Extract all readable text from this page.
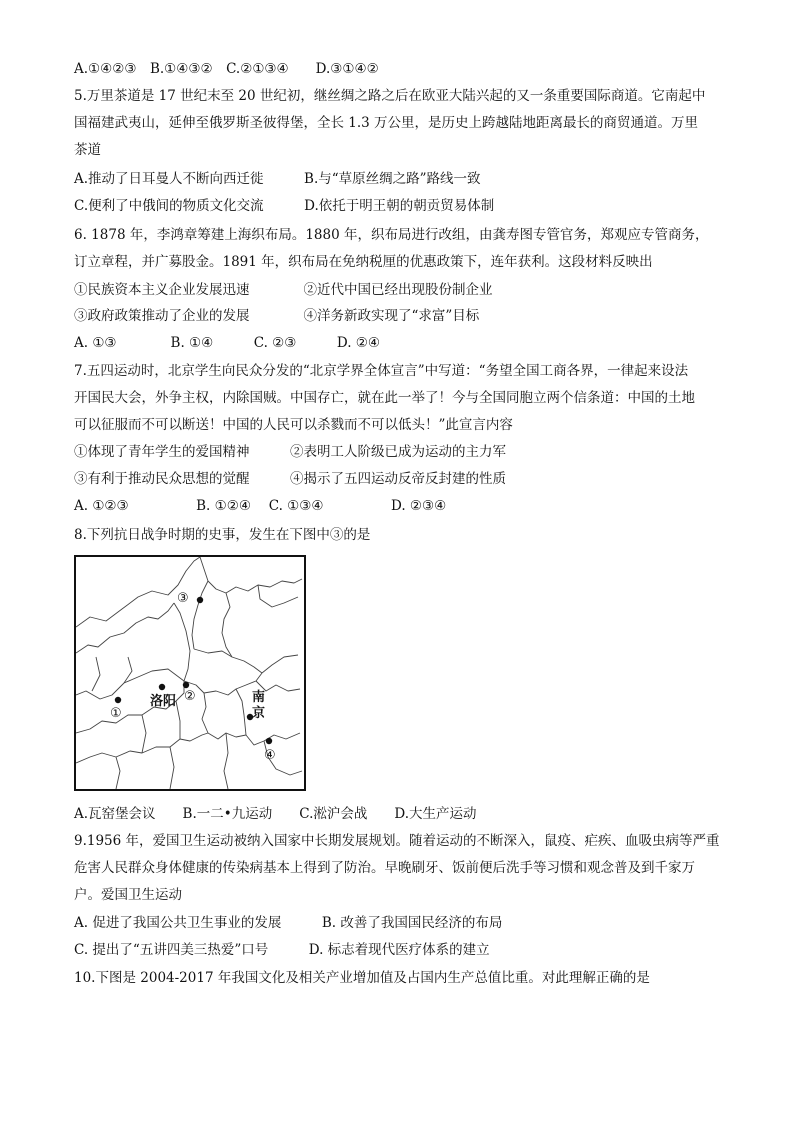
A.①④②③　B.①④③②　C.②①③④　　D.③①④②
5.万里茶道是 17 世纪末至 20 世纪初，继丝绸之路之后在欧亚大陆兴起的又一条重要国际商道。它南起中
国福建武夷山，延伸至俄罗斯圣彼得堡，全长 1.3 万公里，是历史上跨越陆地距离最长的商贸通道。万里
茶道
A.推动了日耳曼人不断向西迁徙　　　B.与“草原丝绸之路”路线一致
C.便利了中俄间的物质文化交流　　　D.依托于明王朝的朝贡贸易体制
6. 1878 年，李鸿章筹建上海织布局。1880 年，织布局进行改组，由龚寿图专管官务，郑观应专管商务，
订立章程，并广募股金。1891 年，织布局在免纳税厘的优惠政策下，连年获利。这段材料反映出
①民族资本主义企业发展迅速　　　　②近代中国已经出现股份制企业
③政府政策推动了企业的发展　　　　④洋务新政实现了“求富”目标
A. ①③　　　　B. ①④　　　C. ②③　　　D. ②④
7.五四运动时，北京学生向民众分发的“北京学界全体宣言”中写道：“务望全国工商各界，一律起来设法
开国民大会，外争主权，内除国贼。中国存亡，就在此一举了！今与全国同胞立两个信条道：中国的土地
可以征服而不可以断送！中国的人民可以杀戮而不可以低头！”此宣言内容
①体现了青年学生的爱国精神　　　②表明工人阶级已成为运动的主力军
③有利于推动民众思想的觉醒　　　④揭示了五四运动反帝反封建的性质
A. ①②③　　　　　B. ①②④　 C. ①③④　　　　　D. ②③④
8.下列抗日战争时期的史事，发生在下图中③的是
③
①
②
洛阳	南
京
④
A.瓦窑堡会议　　B.一二•九运动　　C.淞沪会战　　D.大生产运动
9.1956 年，爱国卫生运动被纳入国家中长期发展规划。随着运动的不断深入，鼠疫、疟疾、血吸虫病等严重
危害人民群众身体健康的传染病基本上得到了防治。早晚刷牙、饭前便后洗手等习惯和观念普及到千家万
户。爱国卫生运动
A. 促进了我国公共卫生事业的发展　　　B. 改善了我国国民经济的布局
C. 提出了“五讲四美三热爱”口号　　　D. 标志着现代医疗体系的建立
10.下图是 2004-2017 年我国文化及相关产业增加值及占国内生产总值比重。对此理解正确的是
